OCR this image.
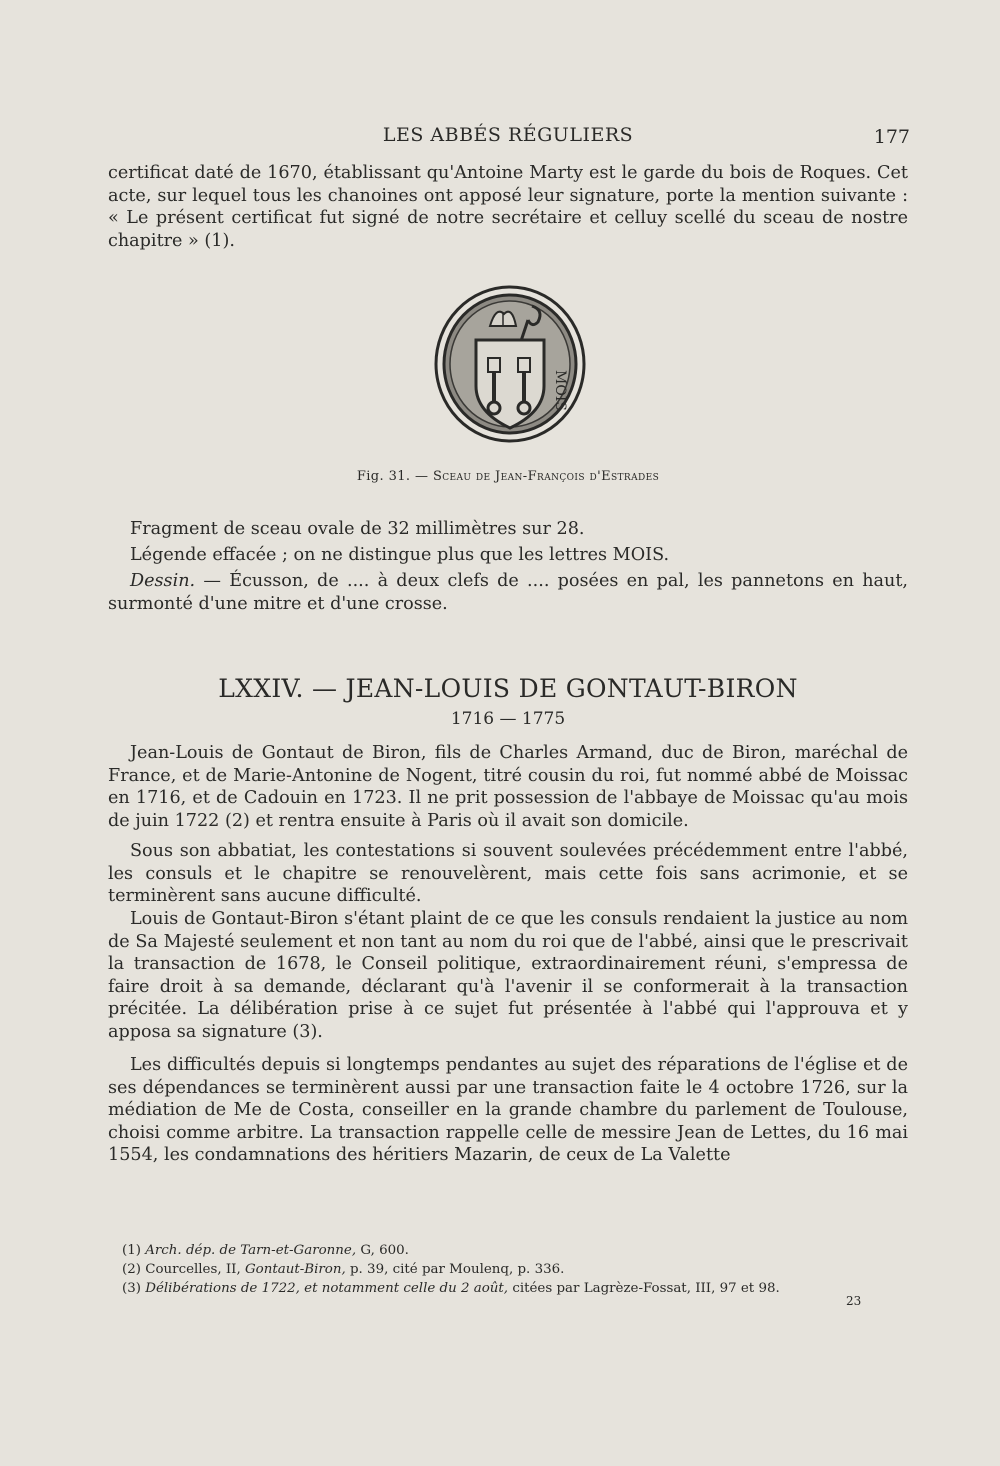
LES ABBÉS RÉGULIERS	177

certificat daté de 1670, établissant qu'Antoine Marty est le garde du bois de Roques. Cet acte, sur lequel tous les chanoines ont apposé leur signature, porte la mention suivante : « Le présent certificat fut signé de notre secrétaire et celluy scellé du sceau de nostre chapitre » (1).

MOIS
Fig. 31. — Sceau de Jean-François d'Estrades

Fragment de sceau ovale de 32 millimètres sur 28.

Légende effacée ; on ne distingue plus que les lettres MOIS.

Dessin. — Écusson, de .... à deux clefs de .... posées en pal, les pannetons en haut, surmonté d'une mitre et d'une crosse.

LXXIV. — JEAN-LOUIS DE GONTAUT-BIRON
1716 — 1775

Jean-Louis de Gontaut de Biron, fils de Charles Armand, duc de Biron, maréchal de France, et de Marie-Antonine de Nogent, titré cousin du roi, fut nommé abbé de Moissac en 1716, et de Cadouin en 1723. Il ne prit possession de l'abbaye de Moissac qu'au mois de juin 1722 (2) et rentra ensuite à Paris où il avait son domicile.

Sous son abbatiat, les contestations si souvent soulevées précédemment entre l'abbé, les consuls et le chapitre se renouvelèrent, mais cette fois sans acrimonie, et se terminèrent sans aucune difficulté.

Louis de Gontaut-Biron s'étant plaint de ce que les consuls rendaient la justice au nom de Sa Majesté seulement et non tant au nom du roi que de l'abbé, ainsi que le prescrivait la transaction de 1678, le Conseil politique, extraordinairement réuni, s'empressa de faire droit à sa demande, déclarant qu'à l'avenir il se conformerait à la transaction précitée. La délibération prise à ce sujet fut présentée à l'abbé qui l'approuva et y apposa sa signature (3).

Les difficultés depuis si longtemps pendantes au sujet des réparations de l'église et de ses dépendances se terminèrent aussi par une transaction faite le 4 octobre 1726, sur la médiation de Me de Costa, conseiller en la grande chambre du parlement de Toulouse, choisi comme arbitre. La transaction rappelle celle de messire Jean de Lettes, du 16 mai 1554, les condamnations des héritiers Mazarin, de ceux de La Valette

(1) Arch. dép. de Tarn-et-Garonne, G, 600.
(2) Courcelles, II, Gontaut-Biron, p. 39, cité par Moulenq, p. 336.
(3) Délibérations de 1722, et notamment celle du 2 août, citées par Lagrèze-Fossat, III, 97 et 98.
23
